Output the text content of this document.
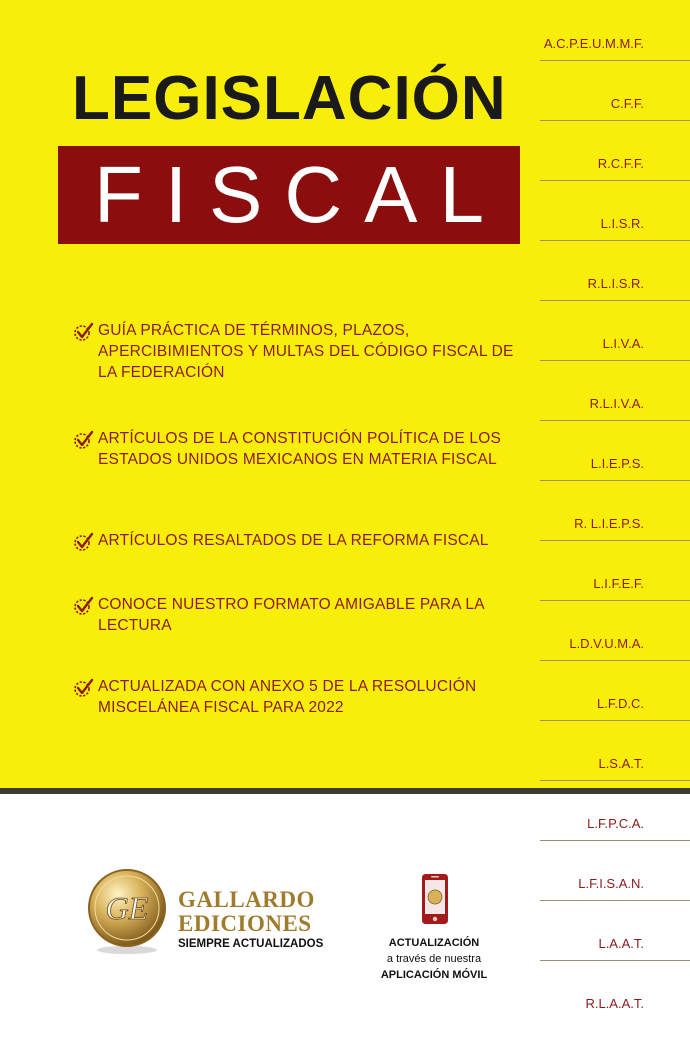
LEGISLACIÓN
FISCAL
GUÍA PRÁCTICA DE TÉRMINOS, PLAZOS, APERCIBIMIENTOS Y MULTAS DEL CÓDIGO FISCAL DE LA FEDERACIÓN
ARTÍCULOS DE LA CONSTITUCIÓN POLÍTICA DE LOS ESTADOS UNIDOS MEXICANOS EN MATERIA FISCAL
ARTÍCULOS RESALTADOS DE LA REFORMA FISCAL
CONOCE NUESTRO FORMATO AMIGABLE PARA LA LECTURA
ACTUALIZADA CON ANEXO 5 DE LA RESOLUCIÓN MISCELÁNEA FISCAL PARA 2022
A.C.P.E.U.M.M.F.
C.F.F.
R.C.F.F.
L.I.S.R.
R.L.I.S.R.
L.I.V.A.
R.L.I.V.A.
L.I.E.P.S.
R. L.I.E.P.S.
L.I.F.E.F.
L.D.V.U.M.A.
L.F.D.C.
L.S.A.T.
L.F.P.C.A.
L.F.I.S.A.N.
L.A.A.T.
R.L.A.A.T.
GE GALLARDO
EDICIONES
SIEMPRE ACTUALIZADOS	ACTUALIZACIÓN
a través de nuestra
APLICACIÓN MÓVIL
